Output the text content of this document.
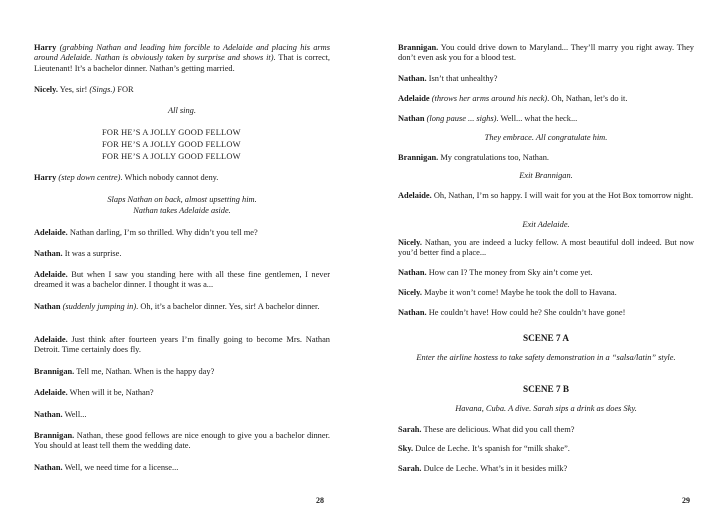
Harry (grabbing Nathan and leading him forcible to Adelaide and placing his arms around Adelaide. Nathan is obviously taken by surprise and shows it). That is correct, Lieutenant! It’s a bachelor dinner. Nathan’s getting married.
Nicely. Yes, sir! (Sings.) FOR
All sing.
FOR HE’S A JOLLY GOOD FELLOW
FOR HE’S A JOLLY GOOD FELLOW
FOR HE’S A JOLLY GOOD FELLOW
Harry (step down centre). Which nobody cannot deny.
Slaps Nathan on back, almost upsetting him.
Nathan takes Adelaide aside.
Adelaide. Nathan darling, I’m so thrilled. Why didn’t you tell me?
Nathan. It was a surprise.
Adelaide. But when I saw you standing here with all these fine gentlemen, I never dreamed it was a bachelor dinner. I thought it was a...
Nathan (suddenly jumping in). Oh, it’s a bachelor dinner. Yes, sir! A bachelor dinner.
Adelaide. Just think after fourteen years I’m finally going to become Mrs. Nathan Detroit. Time certainly does fly.
Brannigan. Tell me, Nathan. When is the happy day?
Adelaide. When will it be, Nathan?
Nathan. Well...
Brannigan. Nathan, these good fellows are nice enough to give you a bachelor dinner. You should at least tell them the wedding date.
Nathan. Well, we need time for a license...
28
Brannigan. You could drive down to Maryland... They’ll marry you right away. They don’t even ask you for a blood test.
Nathan. Isn’t that unhealthy?
Adelaide (throws her arms around his neck). Oh, Nathan, let’s do it.
Nathan (long pause ... sighs). Well... what the heck...
They embrace. All congratulate him.
Brannigan. My congratulations too, Nathan.
Exit Brannigan.
Adelaide. Oh, Nathan, I’m so happy. I will wait for you at the Hot Box tomorrow night.
Exit Adelaide.
Nicely. Nathan, you are indeed a lucky fellow. A most beautiful doll indeed. But now you’d better find a place...
Nathan. How can I? The money from Sky ain’t come yet.
Nicely. Maybe it won’t come! Maybe he took the doll to Havana.
Nathan. He couldn’t have! How could he? She couldn’t have gone!
SCENE 7 A
Enter the airline hostess to take safety demonstration in a “salsa/latin” style.
SCENE 7 B
Havana, Cuba. A dive. Sarah sips a drink as does Sky.
Sarah. These are delicious. What did you call them?
Sky. Dulce de Leche. It’s spanish for “milk shake”.
Sarah. Dulce de Leche. What’s in it besides milk?
29
